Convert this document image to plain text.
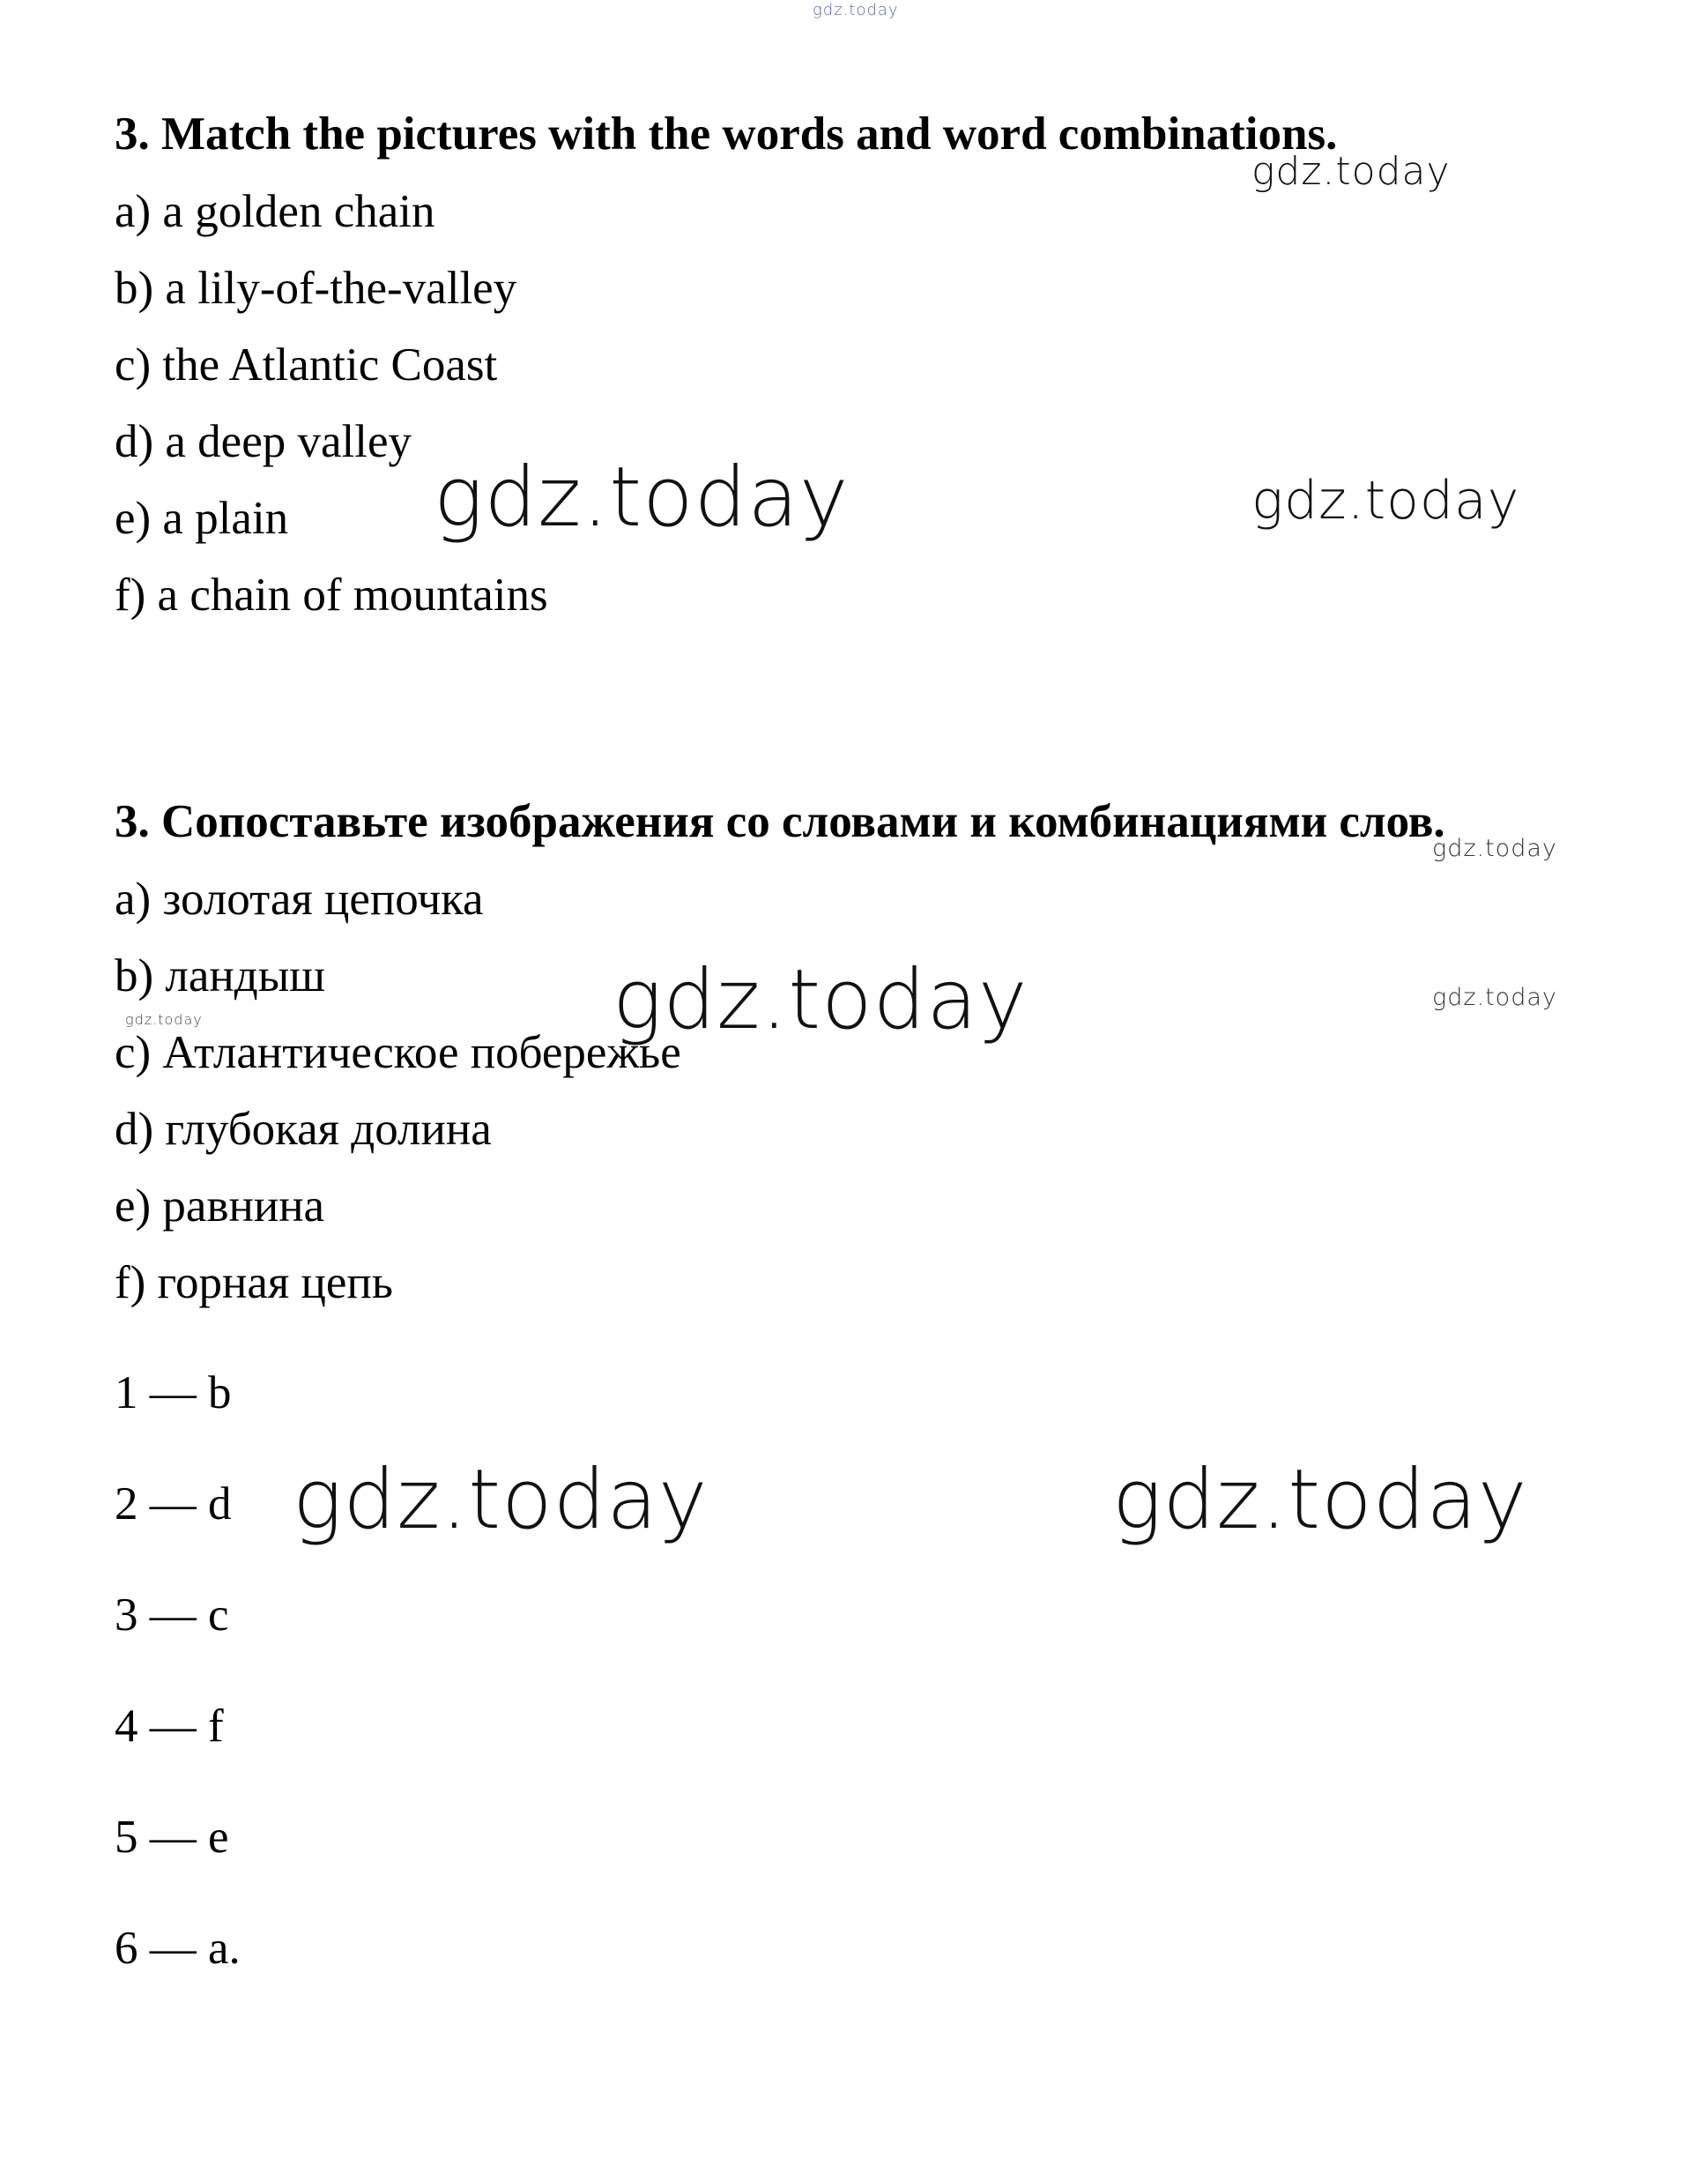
gdz.today
gdz.today
gdz.today	gdz.today
gdz.today
gdz.today	gdz.today
gdz.today
gdz.today	gdz.today
3. Match the pictures with the words and word combinations.
a) a golden chain
b) a lily-of-the-valley
c) the Atlantic Coast
d) a deep valley
e) a plain
f) a chain of mountains
3. Сопоставьте изображения со словами и комбинациями слов.
a) золотая цепочка
b) ландыш
c) Атлантическое побережье
d) глубокая долина
e) равнина
f) горная цепь
1 — b
2 — d
3 — c
4 — f
5 — e
6 — a.
